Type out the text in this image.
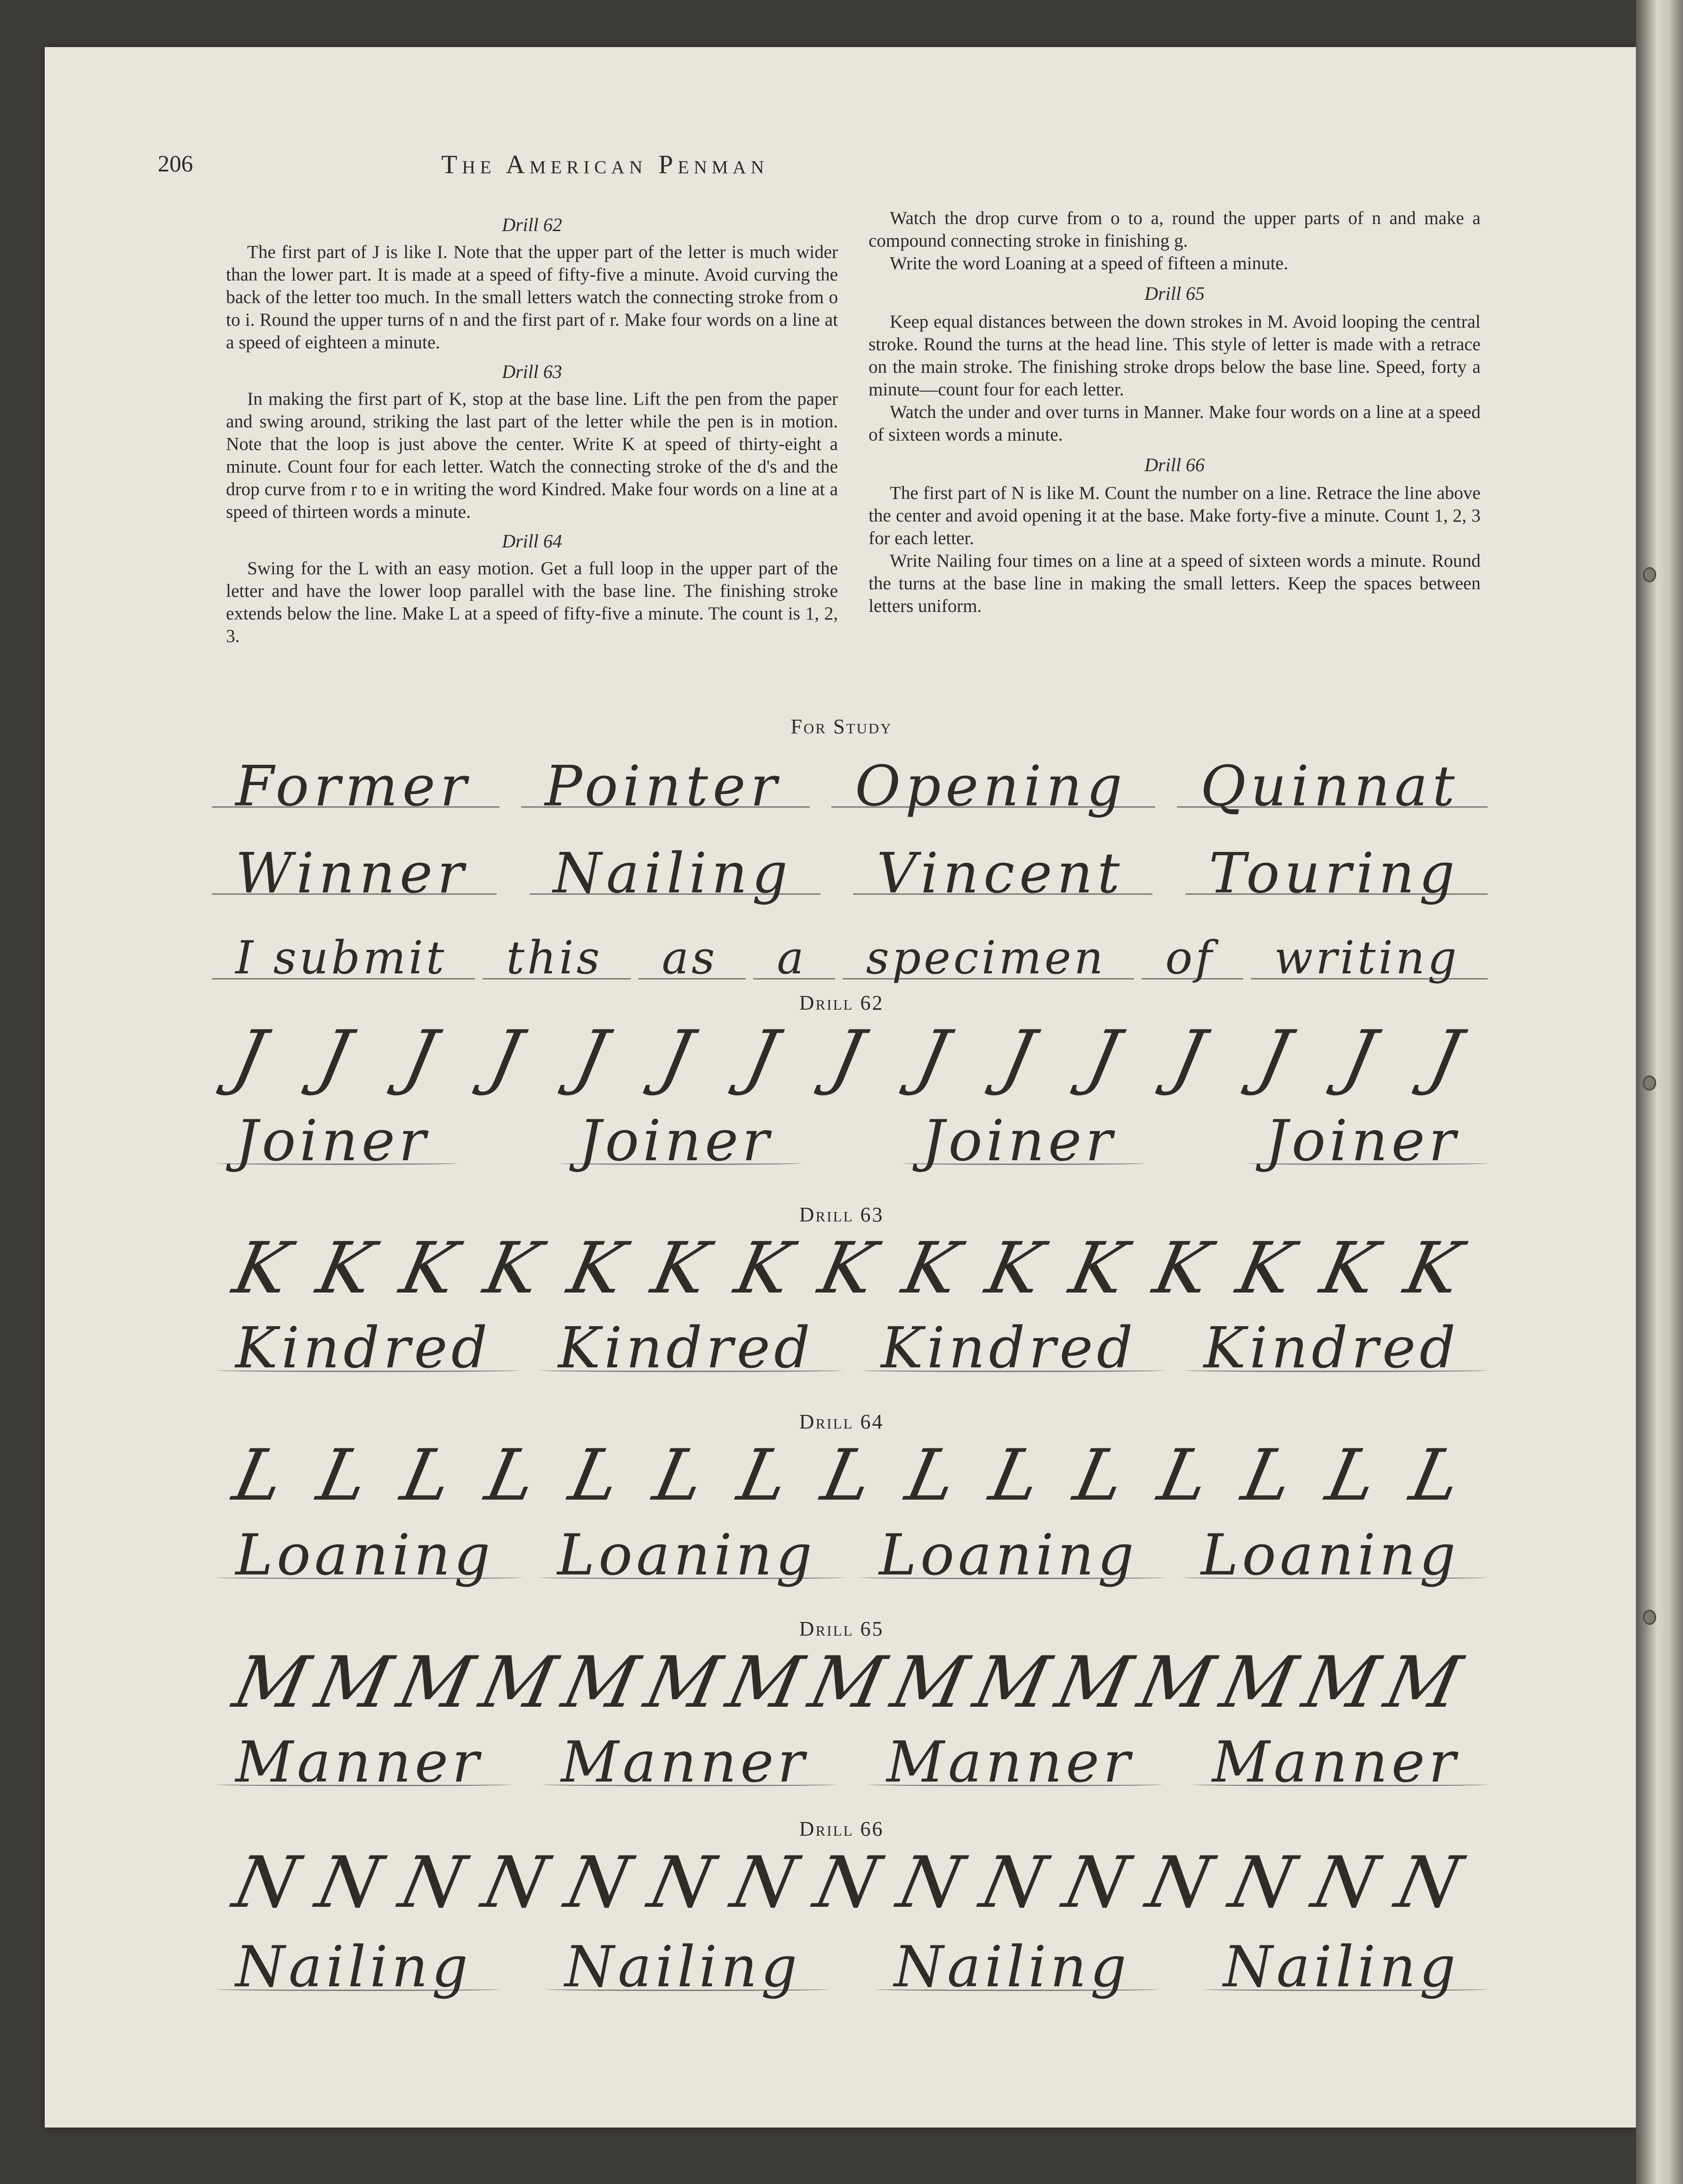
206	The American Penman
Drill 62

The first part of J is like I. Note that the upper part of the letter is much wider than the lower part. It is made at a speed of fifty-five a minute. Avoid curving the back of the letter too much. In the small letters watch the connecting stroke from o to i. Round the upper turns of n and the first part of r. Make four words on a line at a speed of eighteen a minute.

Drill 63

In making the first part of K, stop at the base line. Lift the pen from the paper and swing around, striking the last part of the letter while the pen is in motion. Note that the loop is just above the center. Write K at speed of thirty-eight a minute. Count four for each letter. Watch the connecting stroke of the d's and the drop curve from r to e in writing the word Kindred. Make four words on a line at a speed of thirteen words a minute.

Drill 64

Swing for the L with an easy motion. Get a full loop in the upper part of the letter and have the lower loop parallel with the base line. The finishing stroke extends below the line. Make L at a speed of fifty-five a minute. The count is 1, 2, 3.

Watch the drop curve from o to a, round the upper parts of n and make a compound connecting stroke in finishing g.

Write the word Loaning at a speed of fifteen a minute.

Drill 65

Keep equal distances between the down strokes in M. Avoid looping the central stroke. Round the turns at the head line. This style of letter is made with a retrace on the main stroke. The finishing stroke drops below the base line. Speed, forty a minute—count four for each letter.

Watch the under and over turns in Manner. Make four words on a line at a speed of sixteen words a minute.

Drill 66

The first part of N is like M. Count the number on a line. Retrace the line above the center and avoid opening it at the base. Make forty-five a minute. Count 1, 2, 3 for each letter.

Write Nailing four times on a line at a speed of sixteen words a minute. Round the turns at the base line in making the small letters. Keep the spaces between letters uniform.

For Study
Former Pointer Opening Quinnat
Winner Nailing Vincent Touring
I submit this as a specimen of writing
Drill 62
J J J J J J J J J J J J J J J
Joiner	Joiner	Joiner	Joiner
Drill 63
K K K K K K K K K K K K K K K
Kindred Kindred Kindred Kindred
Drill 64
L L L L L L L L L L L L L L L
Loaning Loaning Loaning Loaning
Drill 65
M
M
M
M
M
M
M
M
M
M
M
M
M
M
M
Manner Manner Manner Manner
Drill 66
N N N N N N N N N N N N N N N
Nailing Nailing Nailing Nailing
